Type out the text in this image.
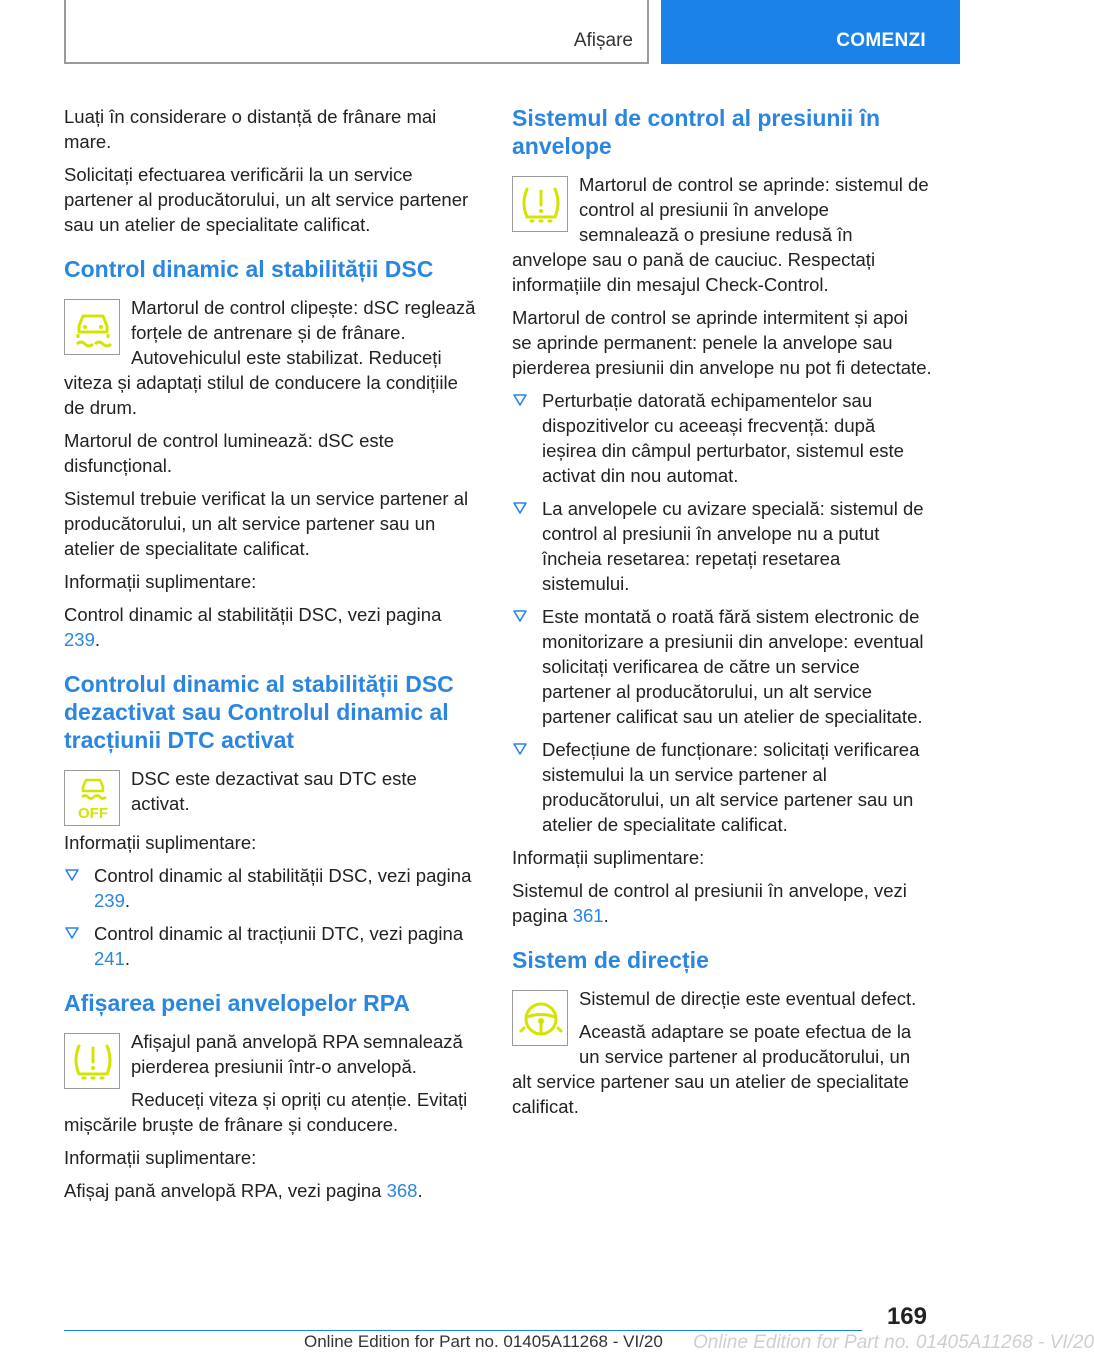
Afișare	COMENZI

Luați în considerare o distanță de frânare mai mare.

Solicitați efectuarea verificării la un service partener al producătorului, un alt service partener sau un atelier de specialitate calificat.

Control dinamic al stabilității DSC

Martorul de control clipește: dSC reglează forțele de antrenare și de frânare. Autovehiculul este stabilizat. Reduceți viteza și adaptați stilul de conducere la condițiile de drum.

Martorul de control luminează: dSC este disfuncțional.

Sistemul trebuie verificat la un service partener al producătorului, un alt service partener sau un atelier de specialitate calificat.

Informații suplimentare:

Control dinamic al stabilității DSC, vezi pagina 239.

Controlul dinamic al stabilității DSC dezactivat sau Controlul dinamic al tracțiunii DTC activat
OFF

DSC este dezactivat sau DTC este activat.

Informații suplimentare:

Control dinamic al stabilității DSC, vezi pagina 239.
Control dinamic al tracțiunii DTC, vezi pagina 241.
Afișarea penei anvelopelor RPA

Afișajul pană anvelopă RPA semnalează pierderea presiunii într-o anvelopă.

Reduceți viteza și opriți cu atenție. Evitați mișcările bruște de frânare și conducere.

Informații suplimentare:

Afișaj pană anvelopă RPA, vezi pagina 368.

Sistemul de control al presiunii în anvelope

Martorul de control se aprinde: sistemul de control al presiunii în anvelope semnalează o presiune redusă în anvelope sau o pană de cauciuc. Respectați informațiile din mesajul Check-Control.

Martorul de control se aprinde intermitent și apoi se aprinde permanent: penele la anvelope sau pierderea presiunii din anvelope nu pot fi detectate.

Perturbație datorată echipamentelor sau dispozitivelor cu aceeași frecvență: după ieșirea din câmpul perturbator, sistemul este activat din nou automat.
La anvelopele cu avizare specială: sistemul de control al presiunii în anvelope nu a putut încheia resetarea: repetați resetarea sistemului.
Este montată o roată fără sistem electronic de monitorizare a presiunii din anvelope: eventual solicitați verificarea de către un service partener al producătorului, un alt service partener calificat sau un atelier de specialitate.
Defecțiune de funcționare: solicitați verificarea sistemului la un service partener al producătorului, un alt service partener sau un atelier de specialitate calificat.

Informații suplimentare:

Sistemul de control al presiunii în anvelope, vezi pagina 361.

Sistem de direcție

Sistemul de direcție este eventual defect.

Această adaptare se poate efectua de la un service partener al producătorului, un alt service partener sau un atelier de specialitate calificat.

169
Online Edition for Part no. 01405A11268 - VI/20 Online Edition for Part no. 01405A11268 - VI/20
